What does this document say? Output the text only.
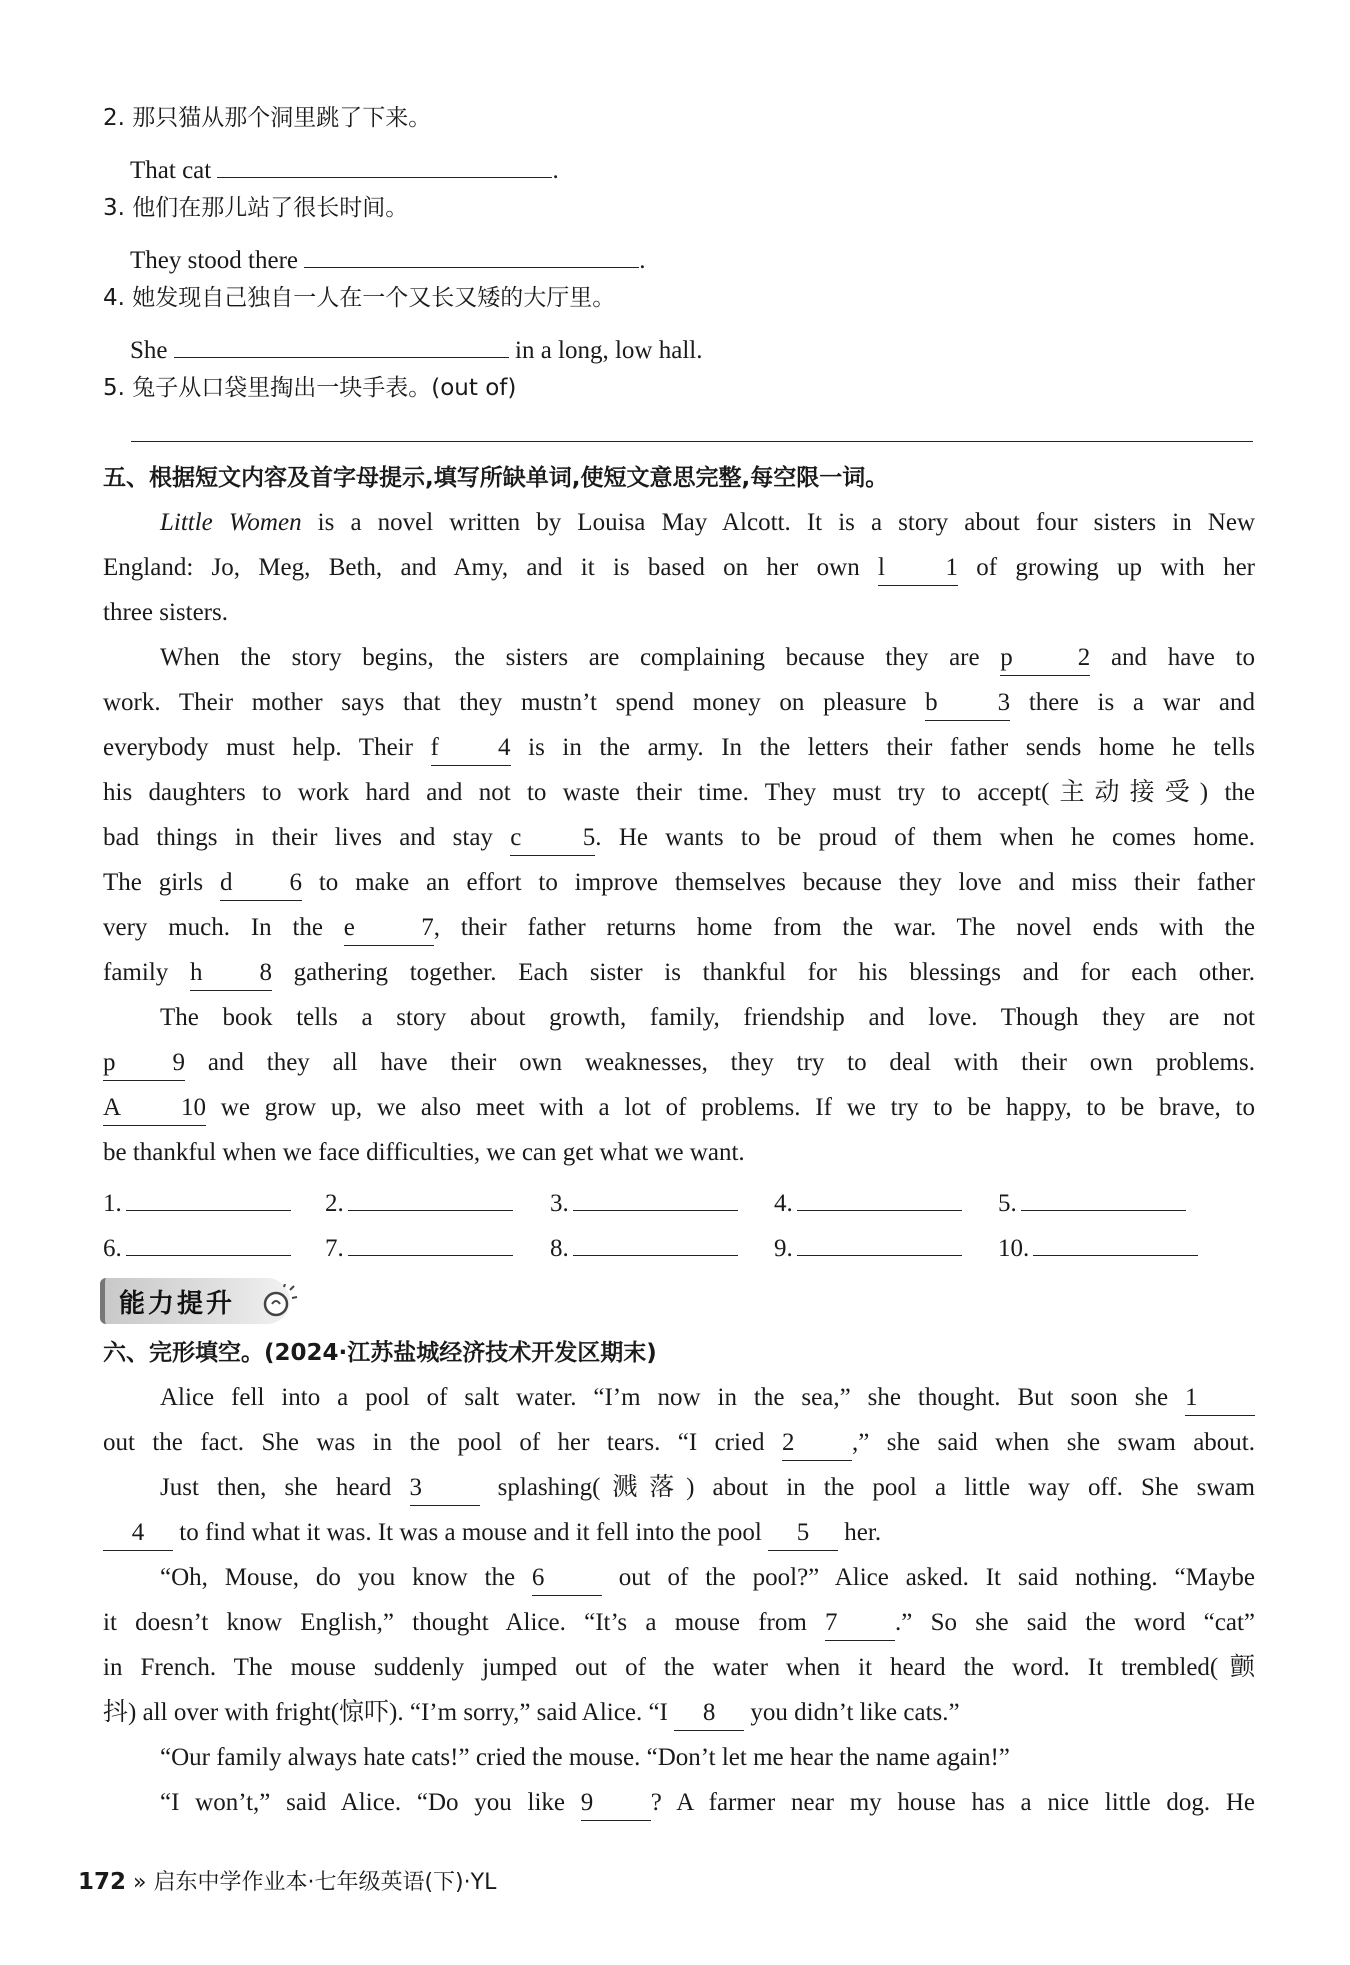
2. 那只猫从那个洞里跳了下来。
That cat	.
3. 他们在那儿站了很长时间。
They stood there	.
4. 她发现自己独自一人在一个又长又矮的大厅里。
She	in a long, low hall.
5. 兔子从口袋里掏出一块手表。(out of)
五、根据短文内容及首字母提示,填写所缺单词,使短文意思完整,每空限一词。
Little Women is a novel written by Louisa May Alcott. It is a story about four sisters in New
England: Jo, Meg, Beth, and Amy, and it is based on her own l 1 of growing up with her
three sisters.
When the story begins, the sisters are complaining because they are p 2 and have to
work. Their mother says that they mustn’t spend money on pleasure b 3 there is a war and
everybody must help. Their f 4 is in the army. In the letters their father sends home he tells
his daughters to work hard and not to waste their time. They must try to accept(主动接受) the
bad things in their lives and stay c 5. He wants to be proud of them when he comes home.
The girls d 6 to make an effort to improve themselves because they love and miss their father
very much. In the e 7, their father returns home from the war. The novel ends with the
family h 8 gathering together. Each sister is thankful for his blessings and for each other.
The book tells a story about growth, family, friendship and love. Though they are not
p 9 and they all have their own weaknesses, they try to deal with their own problems.
A 10 we grow up, we also meet with a lot of problems. If we try to be happy, to be brave, to
be thankful when we face difficulties, we can get what we want.
1.	2.	3.	4.	5.
6.	7.	8.	9.	10.
能力提升
六、完形填空。(2024·江苏盐城经济技术开发区期末)
Alice fell into a pool of salt water. “I’m now in the sea,” she thought. But soon she 1
out the fact. She was in the pool of her tears. “I cried 2 ,” she said when she swam about.
Just then, she heard 3 splashing(溅落) about in the pool a little way off. She swam
4 to find what it was. It was a mouse and it fell into the pool 5 her.
“Oh, Mouse, do you know the 6 out of the pool?” Alice asked. It said nothing. “Maybe
it doesn’t know English,” thought Alice. “It’s a mouse from 7 .” So she said the word “cat”
in French. The mouse suddenly jumped out of the water when it heard the word. It trembled(颤
抖) all over with fright(惊吓). “I’m sorry,” said Alice. “I 8 you didn’t like cats.”
“Our family always hate cats!” cried the mouse. “Don’t let me hear the name again!”
“I won’t,” said Alice. “Do you like 9 ? A farmer near my house has a nice little dog. He
172 » 启东中学作业本·七年级英语(下)·YL
